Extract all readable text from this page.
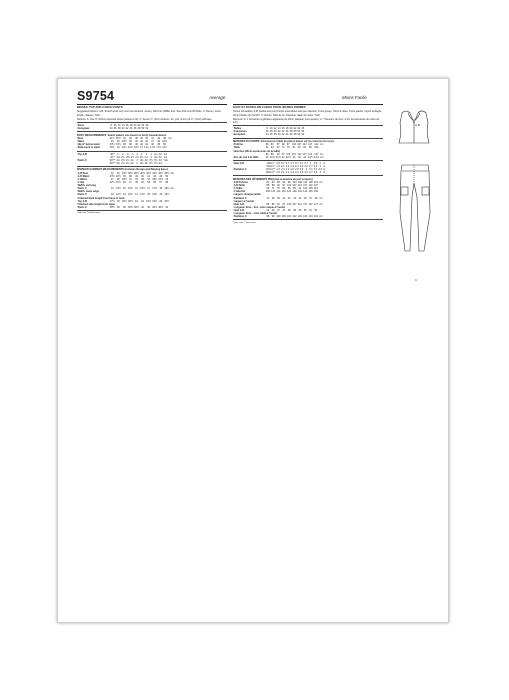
S9754	Average	Moins Facile
MISSES' TOP AND CARGO PANTS

Suggested Fabrics: A,B: Stretch knits only such as Interlock, Jersey, Rib Knit, Waffle Knit. See Pick-A-Knit® Rule. C: Denim, Linen, Poplin, Sateen, Twill.

Notions: A: One 9" (23cm) exposed zipper (adjust to fit). C: Seven ¾" (2cm) buttons, 2¼ yds. (2.1m) of ¼" (1cm) twill tape.

Sizes	8	10	12	14	16	18	20	22	24	26
European	34	36	38	40	42	44	46	48	50	52
BODY MEASUREMENTS: Select pattern size based on body measurements
Bust	31½	32½	34	36	38	40	42	44	46	48	ins.
Waist	24	25	26½	28	30	32	34	37	39	41½	
Hip-9" below waist	33½	34½	36	38	40	42	44	46	48	50	
Back-neck to waist	15½	16	16¼	16½	16¾	17	17¼	17⅜	17½	17¾	
Top A,B	40"*	¾	¾	¾	⅞	⅞	1	1	1	1⅛	1⅛	ins.
	40"*	2⅛	2¼	2⅜	2½	2⅝	2¾	2⅞	3	3⅛	3¼	ins.
Pants C	60"**	2¼	2½	2¾	2¾	3	3⅛	3¼	3½	3½	3⅝	Yds.
	60"**	2¼	2½	2¾	2¾	3	3⅛	3¼	3½	3½	3⅝	
FINISHED GARMENT MEASUREMENTS (includes Design and Wearing Ease)
A,B Bust	32	33	34½	36½	38½	40½	42½	44½	46½	48½	ins.
A,B Waist	33½	34½	36	38	40	42	44	46	48	50	
C Waist	27	28	29½	31	33	35	37	39½	41½	43	
C Hip	42½	43½	45	47	49	51	53	55	57	59	
Width, each leg											
Pants C	14	14½	15	15½	16	16½	17	17½	18	18½	ins.
Width, lower edge											
Pants C	12	12½	13	13½	14	14½	15	15½	16	16½	
Finished back length from base of neck											
Top A,B	17½	18	18½	18½	19	19	19½	19½	20	20½	
Finished side length from waist											
Pants C	38½	39	39	39½	39½	40	40	40½	40½	41	
*with nap **without nap
HAUT ET PANTALON CARGO POUR JEUNES FEMMES

Tissus Conseillés: A,B: Seulement pour tricots extensibles tels que interlock, Tricot jersey, Tricot à côtes, Tricot gaufré. Voyez la Règle-Pour-Choisir-Un-Tricot®. C: Denim, Toile de lin, Popeline, Satin de coton, Twill.

Mercerie: A: 1 fermeture à glissière apparente de 23cm (adapter pour ajuster). C: 7 boutons de 2cm, 2,1m de faveurette de coton de 1cm.

Tailles	8	10	12	14	16	18	20	22	24	26
Françaises	36	38	40	42	44	46	48	50	52	54
Européen	34	36	38	40	42	44	46	48	50	52
MESURES DU CORPS: Choisissez la taille du patron basée sur les mesures du corps
Poitrine	80	83	87	92	97	102	107	112	117	122	cm
Taille	61	64	67	71	76	81	87	94	99	106	
Hanches (23cm au-dessous de la taille)											
	85	88	92	97	102	107	112	117	122	127	cm
Dos du cou à la taille	40	40,5	41,5	42	42,5	43	44	44	44,5	44,5	cm
Haut A,B	115cm*	0,6	0,7	0,7	0,7	0,7	0,7	0,7	1	0,8	1	m
	150cm*	2,0	2,1	2,2	2,3	2,4	2,5	2,6	2,7	2,9	3	m
Pantalon C	115cm**	2,2	2,4	2,4	2,6	2,8	2,9	3	3,1	3,1	3,3	m
	150cm**	2,0	2,1	2,2	2,3	2,4	2,5	2,6	2,7	2,9	3	m
MESURES DES VÊTEMENTS FINI (Aisé et aisance de port compris)
A,B Poitrine	81	84	88	93	98	103	108	113	118	123	cm
A,B Taille	85	88	92	97	102	107	112	117	122	127	
C Taille	69	71	75	80	85	89	94	100	105	110	
C Hanche	108	110	114	119	124	129	134	140	145	150	
Largeur, chaque jambe											
Pantalon C	37	38	39	41	43	43	44	46	47	48	cm
Largeur à l'ourlet											
Haut A,B	85	88	91	97	102	107	112	117	122	127	cm
Longueur finie – dos, votre nuque à l'ourlet											
Haut A,B	44	46	47	47	48	48	50	50	51	52	
Longueur finie – côté, taille à l'ourlet											
Pantalon C	98	99	100	100	101	102	102	103	104	104	cm
*avec sens **sans sens
A,B
C
